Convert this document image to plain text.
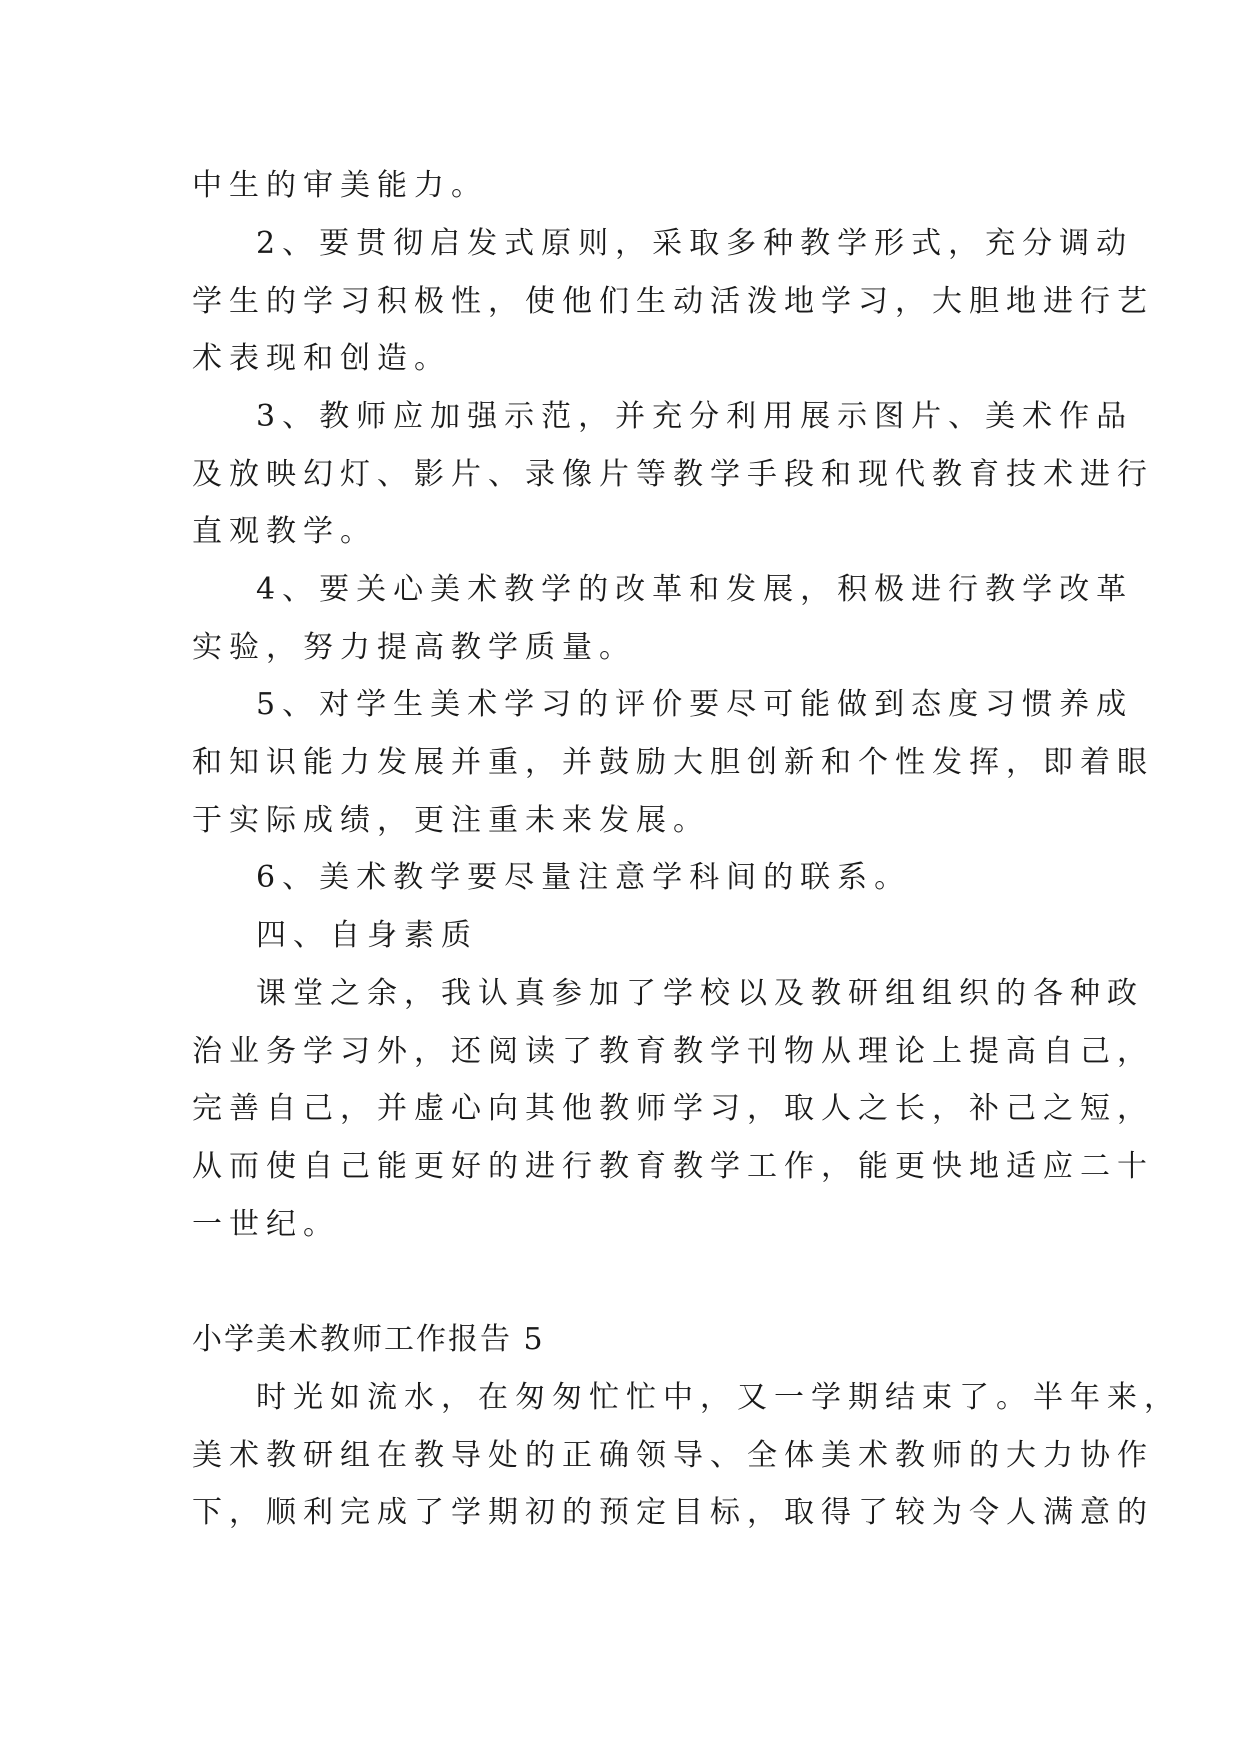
中生的审美能力。
2、要贯彻启发式原则，采取多种教学形式，充分调动
学生的学习积极性，使他们生动活泼地学习，大胆地进行艺
术表现和创造。
3、教师应加强示范，并充分利用展示图片、美术作品
及放映幻灯、影片、录像片等教学手段和现代教育技术进行
直观教学。
4、要关心美术教学的改革和发展，积极进行教学改革
实验，努力提高教学质量。
5、对学生美术学习的评价要尽可能做到态度习惯养成
和知识能力发展并重，并鼓励大胆创新和个性发挥，即着眼
于实际成绩，更注重未来发展。
6、美术教学要尽量注意学科间的联系。
四、自身素质
课堂之余，我认真参加了学校以及教研组组织的各种政
治业务学习外，还阅读了教育教学刊物从理论上提高自己，
完善自己，并虚心向其他教师学习，取人之长，补己之短，
从而使自己能更好的进行教育教学工作，能更快地适应二十
一世纪。
小学美术教师工作报告 5
时光如流水，在匆匆忙忙中，又一学期结束了。半年来，
美术教研组在教导处的正确领导、全体美术教师的大力协作
下，顺利完成了学期初的预定目标，取得了较为令人满意的
